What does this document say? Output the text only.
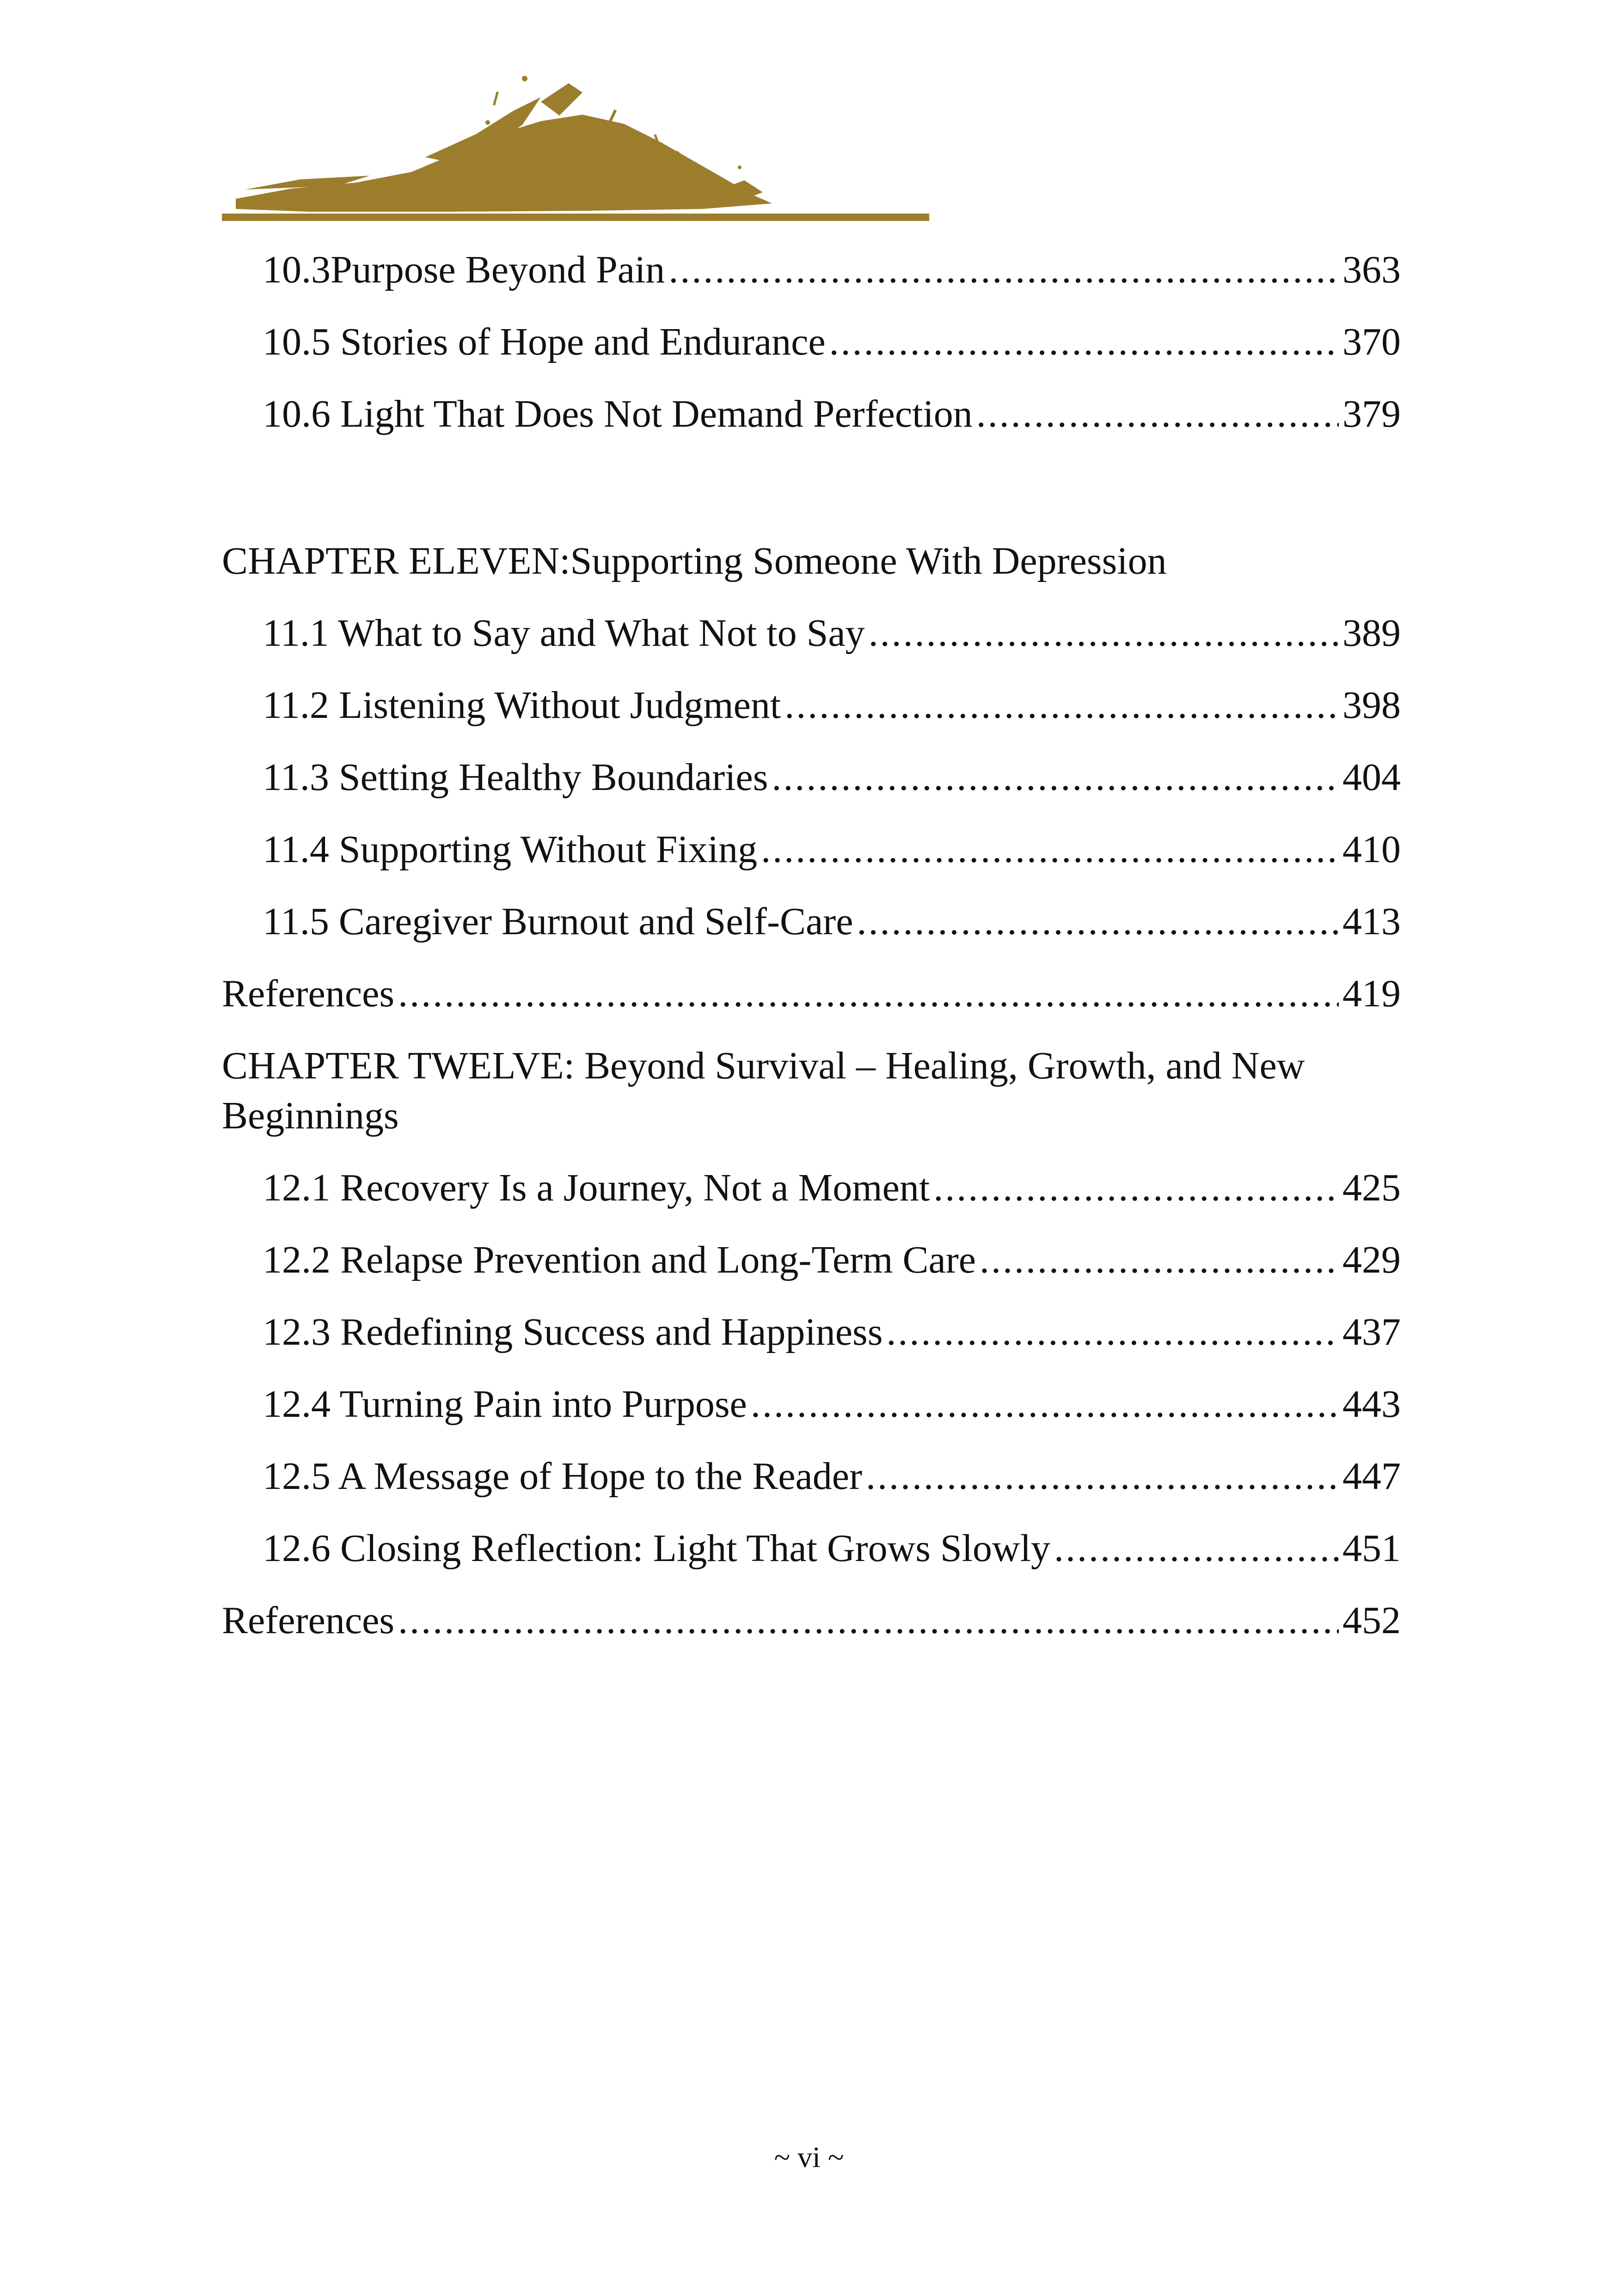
10.3Purpose Beyond Pain .....	363
10.5 Stories of Hope and Endurance .....	370
10.6 Light That Does Not Demand Perfection .....	379
CHAPTER ELEVEN:Supporting Someone With Depression
11.1 What to Say and What Not to Say .....	389
11.2 Listening Without Judgment .....	398
11.3 Setting Healthy Boundaries .....	404
11.4 Supporting Without Fixing .....	410
11.5 Caregiver Burnout and Self-Care .....	413
References .....	419
CHAPTER TWELVE: Beyond Survival – Healing, Growth, and New Beginnings
12.1 Recovery Is a Journey, Not a Moment .....	425
12.2 Relapse Prevention and Long-Term Care .....	429
12.3 Redefining Success and Happiness .....	437
12.4 Turning Pain into Purpose .....	443
12.5 A Message of Hope to the Reader .....	447
12.6 Closing Reflection: Light That Grows Slowly .....	451
References .....	452
~ vi ~
